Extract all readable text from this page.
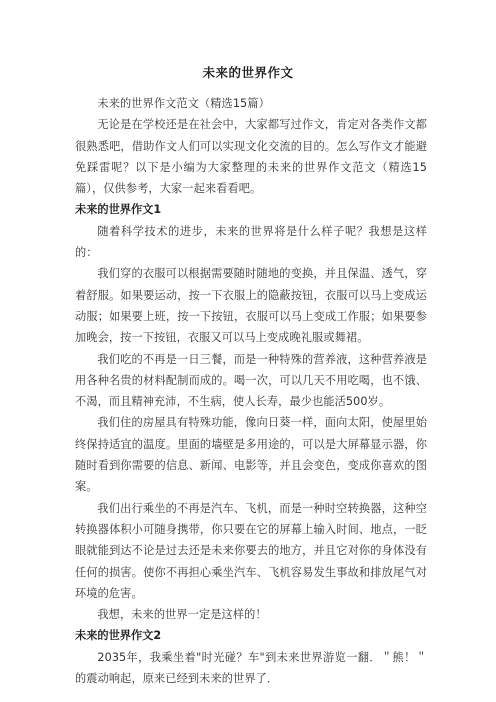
未来的世界作文

未来的世界作文范文（精选15篇）

无论是在学校还是在社会中，大家都写过作文，肯定对各类作文都很熟悉吧，借助作文人们可以实现文化交流的目的。怎么写作文才能避免踩雷呢？以下是小编为大家整理的未来的世界作文范文（精选15篇），仅供参考，大家一起来看看吧。

未来的世界作文1

随着科学技术的进步，未来的世界将是什么样子呢？我想是这样的：

我们穿的衣服可以根据需要随时随地的变换，并且保温、透气，穿着舒服。如果要运动，按一下衣服上的隐蔽按钮，衣服可以马上变成运动服；如果要上班，按一下按钮，衣服可以马上变成工作服；如果要参加晚会，按一下按钮，衣服又可以马上变成晚礼服或舞裙。

我们吃的不再是一日三餐，而是一种特殊的营养液，这种营养液是用各种名贵的材料配制而成的。喝一次，可以几天不用吃喝，也不饿、不渴，而且精神充沛，不生病，使人长寿，最少也能活500岁。

我们住的房屋具有特殊功能，像向日葵一样，面向太阳，使屋里始终保持适宜的温度。里面的墙壁是多用途的，可以是大屏幕显示器，你随时看到你需要的信息、新闻、电影等，并且会变色，变成你喜欢的图案。

我们出行乘坐的不再是汽车、飞机，而是一种时空转换器，这种空转换器体积小可随身携带，你只要在它的屏幕上输入时间、地点，一眨眼就能到达不论是过去还是未来你要去的地方，并且它对你的身体没有任何的损害。使你不再担心乘坐汽车、飞机容易发生事故和排放尾气对环境的危害。

我想，未来的世界一定是这样的！

未来的世界作文2

2035年，我乘坐着"时光碰？车"到未来世界游览一翻．＂熊！＂的震动响起，原来已经到未来的世界了．
